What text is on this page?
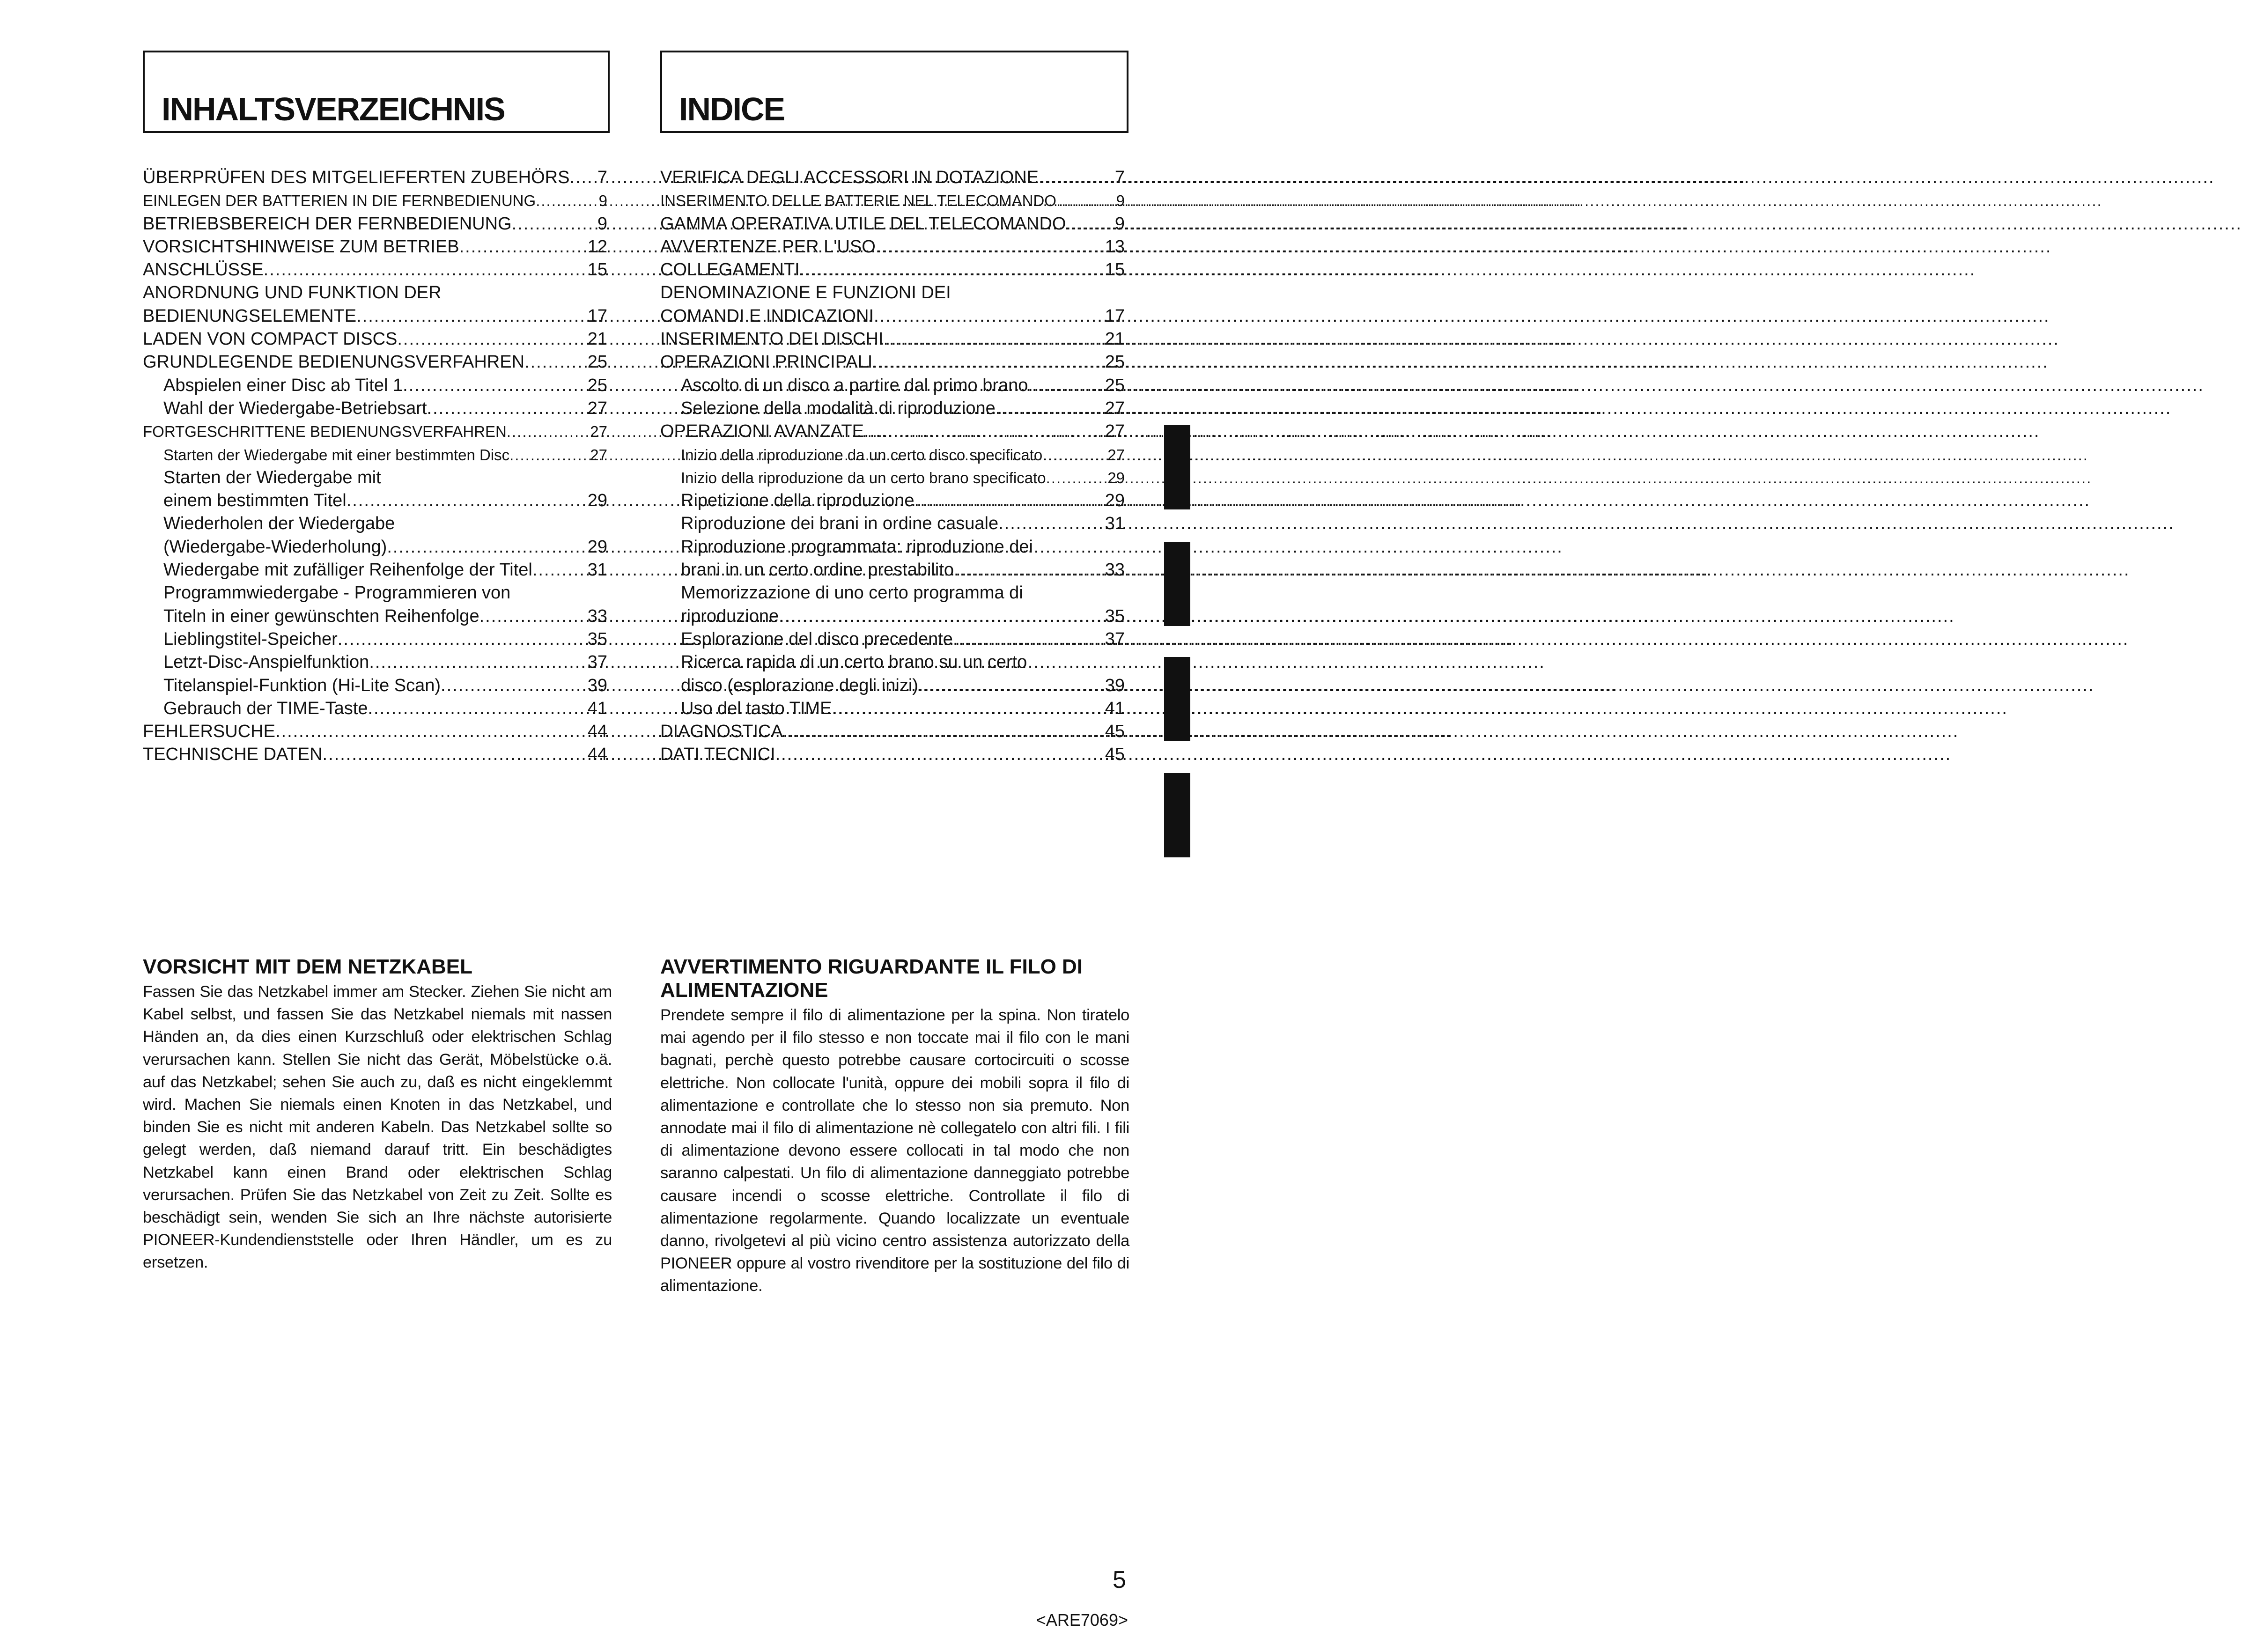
INHALTSVERZEICHNIS	INDICE
ÜBERPRÜFEN DES MITGELIEFERTEN ZUBEHÖRS .....	7
EINLEGEN DER BATTERIEN IN DIE FERNBEDIENUNG .....	9
BETRIEBSBEREICH DER FERNBEDIENUNG .....	9
VORSICHTSHINWEISE ZUM BETRIEB .....	12
ANSCHLÜSSE .....	15
ANORDNUNG UND FUNKTION DER
BEDIENUNGSELEMENTE .....	17
LADEN VON COMPACT DISCS .....	21
GRUNDLEGENDE BEDIENUNGSVERFAHREN .....	25
Abspielen einer Disc ab Titel 1 .....	25
Wahl der Wiedergabe-Betriebsart .....	27
FORTGESCHRITTENE BEDIENUNGSVERFAHREN .....	27
Starten der Wiedergabe mit einer bestimmten Disc .....	27
Starten der Wiedergabe mit
einem bestimmten Titel .....	29
Wiederholen der Wiedergabe
(Wiedergabe-Wiederholung) .....	29
Wiedergabe mit zufälliger Reihenfolge der Titel .....	31
Programmwiedergabe - Programmieren von
Titeln in einer gewünschten Reihenfolge .....	33
Lieblingstitel-Speicher .....	35
Letzt-Disc-Anspielfunktion .....	37
Titelanspiel-Funktion (Hi-Lite Scan) .....	39
Gebrauch der TIME-Taste .....	41
FEHLERSUCHE .....	44
TECHNISCHE DATEN .....	44
VERIFICA DEGLI ACCESSORI IN DOTAZIONE .....	7
INSERIMENTO DELLE BATTERIE NEL TELECOMANDO .....	9
GAMMA OPERATIVA UTILE DEL TELECOMANDO .....	9
AVVERTENZE PER L'USO .....	13
COLLEGAMENTI .....	15
DENOMINAZIONE E FUNZIONI DEI
COMANDI E INDICAZIONI .....	17
INSERIMENTO DEI DISCHI .....	21
OPERAZIONI PRINCIPALI .....	25
Ascolto di un disco a partire dal primo brano .....	25
Selezione della modalità di riproduzione .....	27
OPERAZIONI AVANZATE .....	27
Inizio della riproduzione da un certo disco specificato .....	27
Inizio della riproduzione da un certo brano specificato .....	29
Ripetizione della riproduzione .....	29
Riproduzione dei brani in ordine casuale .....	31
Riproduzione programmata: riproduzione dei
brani in un certo ordine prestabilito .....	33
Memorizzazione di uno certo programma di
riproduzione .....	35
Esplorazione del disco precedente .....	37
Ricerca rapida di un certo brano su un certo
disco (esplorazione degli inizi) .....	39
Uso del tasto TIME .....	41
DIAGNOSTICA .....	45
DATI TECNICI .....	45
VORSICHT MIT DEM NETZKABEL
Fassen Sie das Netzkabel immer am Stecker. Ziehen Sie nicht am Kabel selbst, und fassen Sie das Netzkabel niemals mit nassen Händen an, da dies einen Kurzschluß oder elektrischen Schlag verursachen kann. Stellen Sie nicht das Gerät, Möbelstücke o.ä. auf das Netzkabel; sehen Sie auch zu, daß es nicht eingeklemmt wird. Machen Sie niemals einen Knoten in das Netzkabel, und binden Sie es nicht mit anderen Kabeln. Das Netzkabel sollte so gelegt werden, daß niemand darauf tritt. Ein beschädigtes Netzkabel kann einen Brand oder elektrischen Schlag verursachen. Prüfen Sie das Netzkabel von Zeit zu Zeit. Sollte es beschädigt sein, wenden Sie sich an Ihre nächste autorisierte PIONEER-Kundendienststelle oder Ihren Händler, um es zu ersetzen.
AVVERTIMENTO RIGUARDANTE IL FILO DI ALIMENTAZIONE
Prendete sempre il filo di alimentazione per la spina. Non tiratelo mai agendo per il filo stesso e non toccate mai il filo con le mani bagnati, perchè questo potrebbe causare cortocircuiti o scosse elettriche. Non collocate l'unità, oppure dei mobili sopra il filo di alimentazione e controllate che lo stesso non sia premuto. Non annodate mai il filo di alimentazione nè collegatelo con altri fili. I fili di alimentazione devono essere collocati in tal modo che non saranno calpestati. Un filo di alimentazione danneggiato potrebbe causare incendi o scosse elettriche. Controllate il filo di alimentazione regolarmente. Quando localizzate un eventuale danno, rivolgetevi al più vicino centro assistenza autorizzato della PIONEER oppure al vostro rivenditore per la sostituzione del filo di alimentazione.
5
<ARE7069>
